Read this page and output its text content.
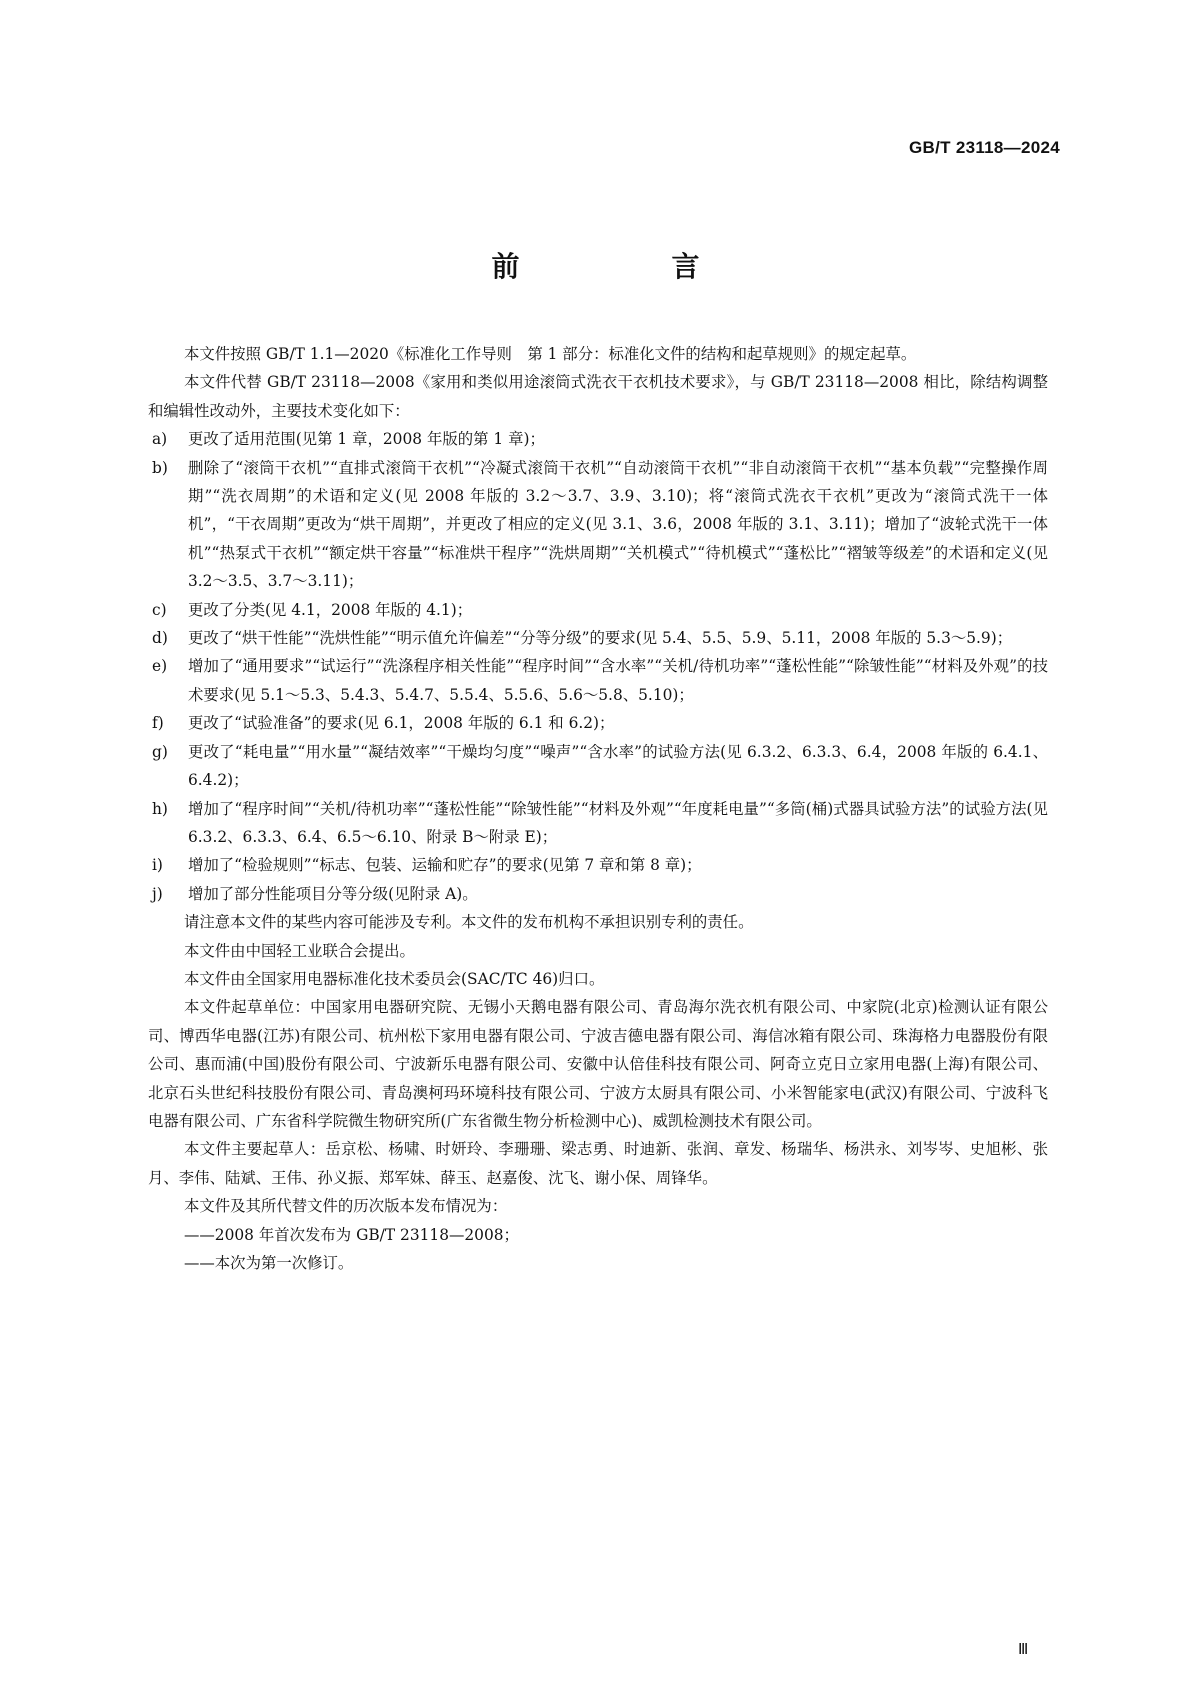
GB/T 23118—2024
前　言

本文件按照 GB/T 1.1—2020《标准化工作导则　第 1 部分：标准化文件的结构和起草规则》的规定起草。

本文件代替 GB/T 23118—2008《家用和类似用途滚筒式洗衣干衣机技术要求》，与 GB/T 23118—2008 相比，除结构调整和编辑性改动外，主要技术变化如下：

a) 更改了适用范围(见第 1 章，2008 年版的第 1 章)；
b) 删除了“滚筒干衣机”“直排式滚筒干衣机”“冷凝式滚筒干衣机”“自动滚筒干衣机”“非自动滚筒干衣机”“基本负载”“完整操作周期”“洗衣周期”的术语和定义(见 2008 年版的 3.2～3.7、3.9、3.10)；将“滚筒式洗衣干衣机”更改为“滚筒式洗干一体机”，“干衣周期”更改为“烘干周期”，并更改了相应的定义(见 3.1、3.6，2008 年版的 3.1、3.11)；增加了“波轮式洗干一体机”“热泵式干衣机”“额定烘干容量”“标准烘干程序”“洗烘周期”“关机模式”“待机模式”“蓬松比”“褶皱等级差”的术语和定义(见 3.2～3.5、3.7～3.11)；
c) 更改了分类(见 4.1，2008 年版的 4.1)；
d) 更改了“烘干性能”“洗烘性能”“明示值允许偏差”“分等分级”的要求(见 5.4、5.5、5.9、5.11，2008 年版的 5.3～5.9)；
e) 增加了“通用要求”“试运行”“洗涤程序相关性能”“程序时间”“含水率”“关机/待机功率”“蓬松性能”“除皱性能”“材料及外观”的技术要求(见 5.1～5.3、5.4.3、5.4.7、5.5.4、5.5.6、5.6～5.8、5.10)；
f) 更改了“试验准备”的要求(见 6.1，2008 年版的 6.1 和 6.2)；
g) 更改了“耗电量”“用水量”“凝结效率”“干燥均匀度”“噪声”“含水率”的试验方法(见 6.3.2、6.3.3、6.4，2008 年版的 6.4.1、6.4.2)；
h) 增加了“程序时间”“关机/待机功率”“蓬松性能”“除皱性能”“材料及外观”“年度耗电量”“多筒(桶)式器具试验方法”的试验方法(见 6.3.2、6.3.3、6.4、6.5～6.10、附录 B～附录 E)；
i) 增加了“检验规则”“标志、包装、运输和贮存”的要求(见第 7 章和第 8 章)；
j) 增加了部分性能项目分等分级(见附录 A)。

请注意本文件的某些内容可能涉及专利。本文件的发布机构不承担识别专利的责任。

本文件由中国轻工业联合会提出。

本文件由全国家用电器标准化技术委员会(SAC/TC 46)归口。

本文件起草单位：中国家用电器研究院、无锡小天鹅电器有限公司、青岛海尔洗衣机有限公司、中家院(北京)检测认证有限公司、博西华电器(江苏)有限公司、杭州松下家用电器有限公司、宁波吉德电器有限公司、海信冰箱有限公司、珠海格力电器股份有限公司、惠而浦(中国)股份有限公司、宁波新乐电器有限公司、安徽中认倍佳科技有限公司、阿奇立克日立家用电器(上海)有限公司、北京石头世纪科技股份有限公司、青岛澳柯玛环境科技有限公司、宁波方太厨具有限公司、小米智能家电(武汉)有限公司、宁波科飞电器有限公司、广东省科学院微生物研究所(广东省微生物分析检测中心)、威凯检测技术有限公司。

本文件主要起草人：岳京松、杨啸、时妍玲、李珊珊、梁志勇、时迪新、张润、章发、杨瑞华、杨洪永、刘岑岑、史旭彬、张月、李伟、陆斌、王伟、孙义振、郑军妹、薛玉、赵嘉俊、沈飞、谢小保、周锋华。

本文件及其所代替文件的历次版本发布情况为：

——2008 年首次发布为 GB/T 23118—2008；
——本次为第一次修订。
Ⅲ
